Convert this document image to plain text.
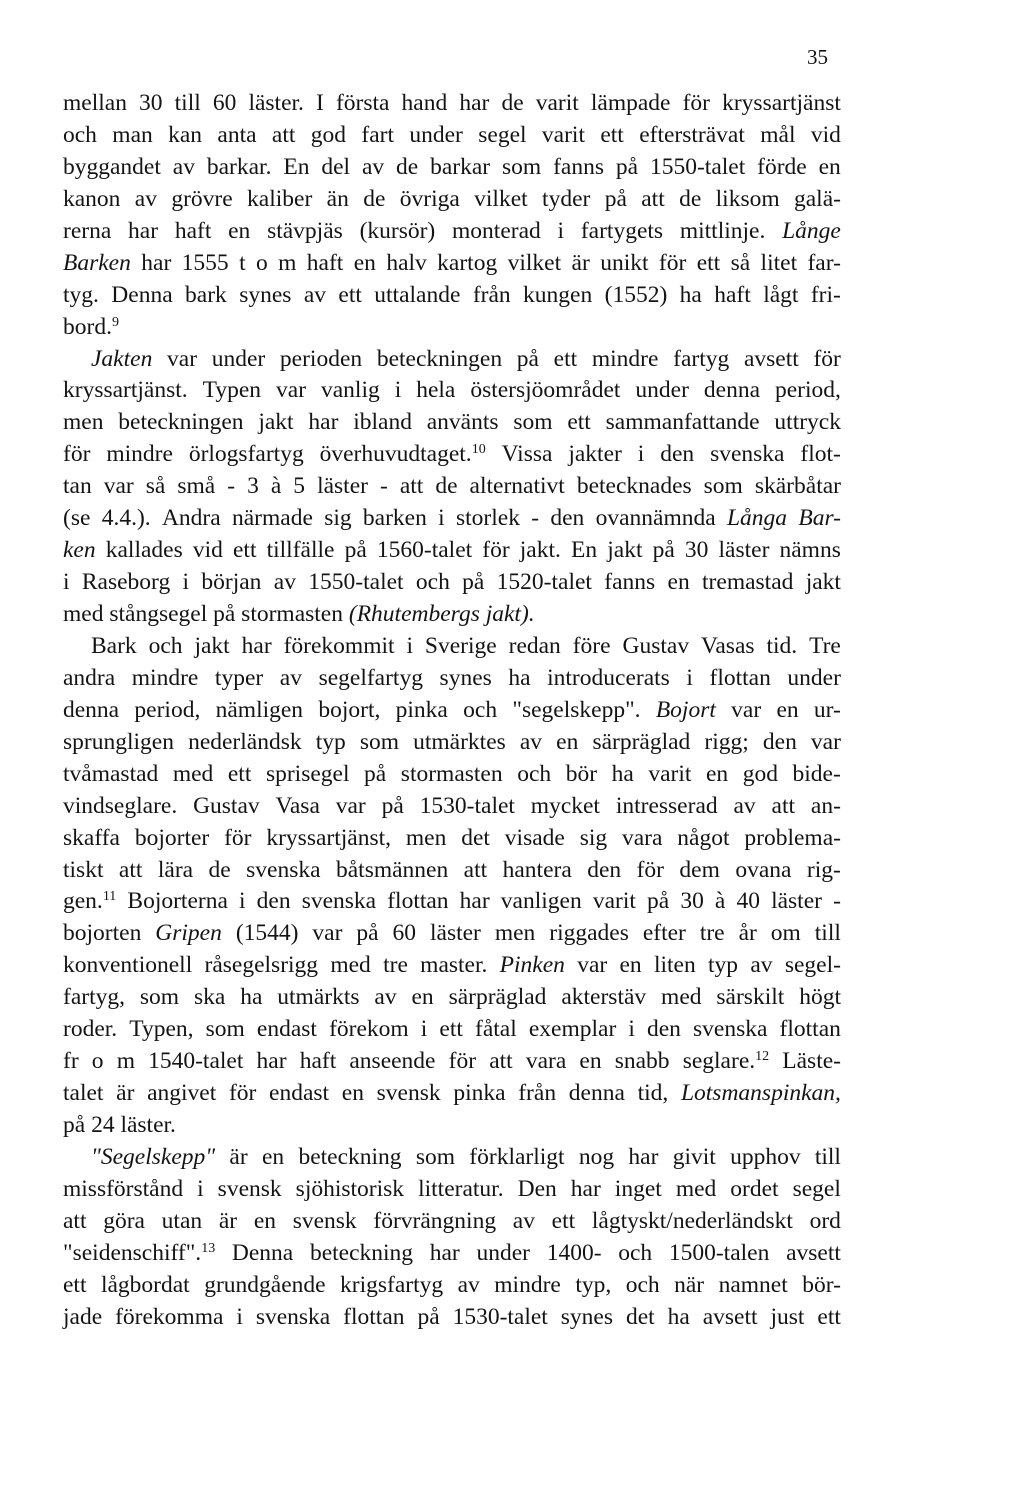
35
mellan 30 till 60 läster. I första hand har de varit lämpade för kryssartjänst
och man kan anta att god fart under segel varit ett eftersträvat mål vid
byggandet av barkar. En del av de barkar som fanns på 1550-talet förde en
kanon av grövre kaliber än de övriga vilket tyder på att de liksom galä-
rerna har haft en stävpjäs (kursör) monterad i fartygets mittlinje. Långe
Barken har 1555 t o m haft en halv kartog vilket är unikt för ett så litet far-
tyg. Denna bark synes av ett uttalande från kungen (1552) ha haft lågt fri-
bord.$^9$
Jakten var under perioden beteckningen på ett mindre fartyg avsett för
kryssartjänst. Typen var vanlig i hela östersjöområdet under denna period,
men beteckningen jakt har ibland använts som ett sammanfattande uttryck
för mindre örlogsfartyg överhuvudtaget.$^{10}$ Vissa jakter i den svenska flot-
tan var så små - 3 à 5 läster - att de alternativt betecknades som skärbåtar
(se 4.4.). Andra närmade sig barken i storlek - den ovannämnda Långa Bar-
ken kallades vid ett tillfälle på 1560-talet för jakt. En jakt på 30 läster nämns
i Raseborg i början av 1550-talet och på 1520-talet fanns en tremastad jakt
med stångsegel på stormasten (Rhutembergs jakt).
Bark och jakt har förekommit i Sverige redan före Gustav Vasas tid. Tre
andra mindre typer av segelfartyg synes ha introducerats i flottan under
denna period, nämligen bojort, pinka och "segelskepp". Bojort var en ur-
sprungligen nederländsk typ som utmärktes av en särpräglad rigg; den var
tvåmastad med ett sprisegel på stormasten och bör ha varit en god bide-
vindseglare. Gustav Vasa var på 1530-talet mycket intresserad av att an-
skaffa bojorter för kryssartjänst, men det visade sig vara något problema-
tiskt att lära de svenska båtsmännen att hantera den för dem ovana rig-
gen.$^{11}$ Bojorterna i den svenska flottan har vanligen varit på 30 à 40 läster -
bojorten Gripen (1544) var på 60 läster men riggades efter tre år om till
konventionell råsegelsrigg med tre master. Pinken var en liten typ av segel-
fartyg, som ska ha utmärkts av en särpräglad akterstäv med särskilt högt
roder. Typen, som endast förekom i ett fåtal exemplar i den svenska flottan
fr o m 1540-talet har haft anseende för att vara en snabb seglare.$^{12}$ Läste-
talet är angivet för endast en svensk pinka från denna tid, Lotsmanspinkan,
på 24 läster.
"Segelskepp" är en beteckning som förklarligt nog har givit upphov till
missförstånd i svensk sjöhistorisk litteratur. Den har inget med ordet segel
att göra utan är en svensk förvrängning av ett lågtyskt/nederländskt ord
"seidenschiff".$^{13}$ Denna beteckning har under 1400- och 1500-talen avsett
ett lågbordat grundgående krigsfartyg av mindre typ, och när namnet bör-
jade förekomma i svenska flottan på 1530-talet synes det ha avsett just ett
